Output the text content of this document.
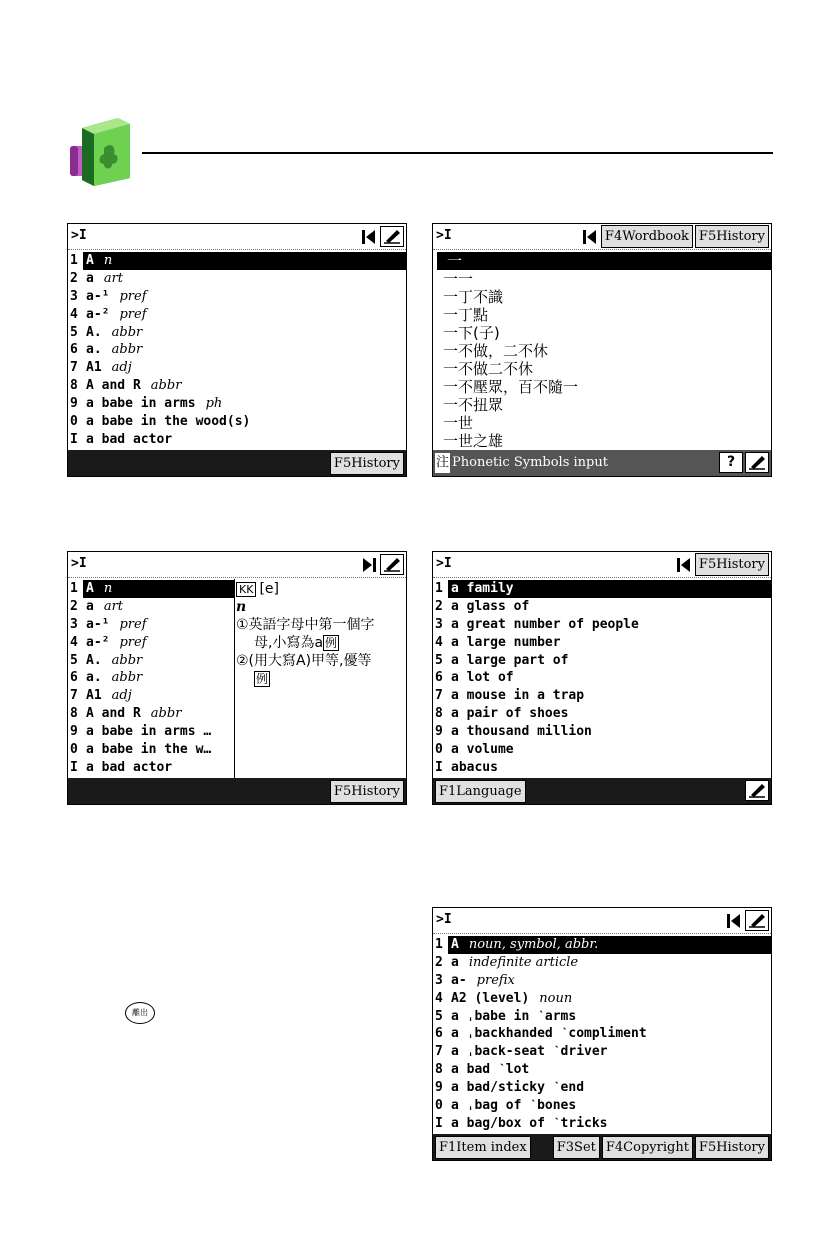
>I
1 A n
2 a art
3 a-¹ pref
4 a-² pref
5 A. abbr
6 a. abbr
7 A1 adj
8 A and R abbr
9 a babe in arms ph
0 a babe in the wood(s)
I a bad actor
F5History
>I	F4Wordbook F5History
一
一一
一丁不識
一丁點
一下(子)
一不做，二不休
一不做二不休
一不壓眾，百不隨一
一不扭眾
一世
一世之雄
注 Phonetic Symbols input	?
>I
1 A n
2 a art
3 a-¹ pref
4 a-² pref
5 A. abbr
6 a. abbr
7 A1 adj
8 A and R abbr
9 a babe in arms …
0 a babe in the w…
I a bad actor
KK [e]
n
①英語字母中第一個字
母,小寫為a 例
②(用大寫A)甲等,優等
例
F5History
>I	F5History
1 a family
2 a glass of
3 a great number of people
4 a large number
5 a large part of
6 a lot of
7 a mouse in a trap
8 a pair of shoes
9 a thousand million
0 a volume
I abacus
F1Language
離出
>I
1 A noun, symbol, abbr.
2 a indefinite article
3 a- prefix
4 A2 (level) noun
5 a ˌbabe in ˋarms
6 a ˌbackhanded ˋcompliment
7 a ˌback-seat ˋdriver
8 a bad ˋlot
9 a bad/sticky ˋend
0 a ˌbag of ˋbones
I a bag/box of ˋtricks
F1Item index	F3Set F4Copyright F5History
